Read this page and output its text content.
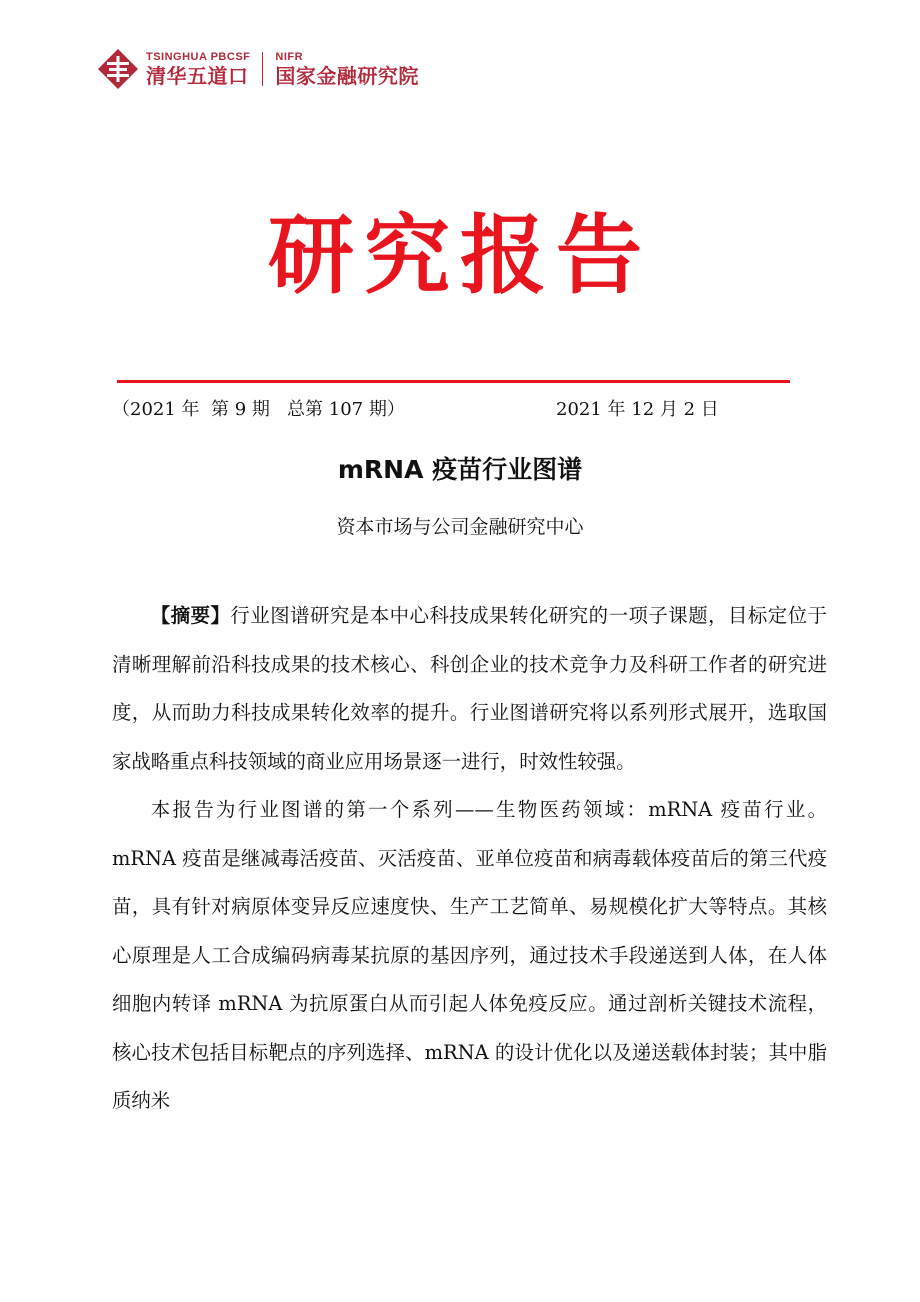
TSINGHUA PBCSF
清华五道口
NIFR
国家金融研究院
研究报告
（2021 年  第 9 期   总第 107 期）	2021 年 12 月 2 日
mRNA 疫苗行业图谱
资本市场与公司金融研究中心

【摘要】行业图谱研究是本中心科技成果转化研究的一项子课题，目标定位于清晰理解前沿科技成果的技术核心、科创企业的技术竞争力及科研工作者的研究进度，从而助力科技成果转化效率的提升。行业图谱研究将以系列形式展开，选取国家战略重点科技领域的商业应用场景逐一进行，时效性较强。

本报告为行业图谱的第一个系列——生物医药领域：mRNA 疫苗行业。mRNA 疫苗是继减毒活疫苗、灭活疫苗、亚单位疫苗和病毒载体疫苗后的第三代疫苗，具有针对病原体变异反应速度快、生产工艺简单、易规模化扩大等特点。其核心原理是人工合成编码病毒某抗原的基因序列，通过技术手段递送到人体，在人体细胞内转译 mRNA 为抗原蛋白从而引起人体免疫反应。通过剖析关键技术流程，核心技术包括目标靶点的序列选择、mRNA 的设计优化以及递送载体封装；其中脂质纳米
